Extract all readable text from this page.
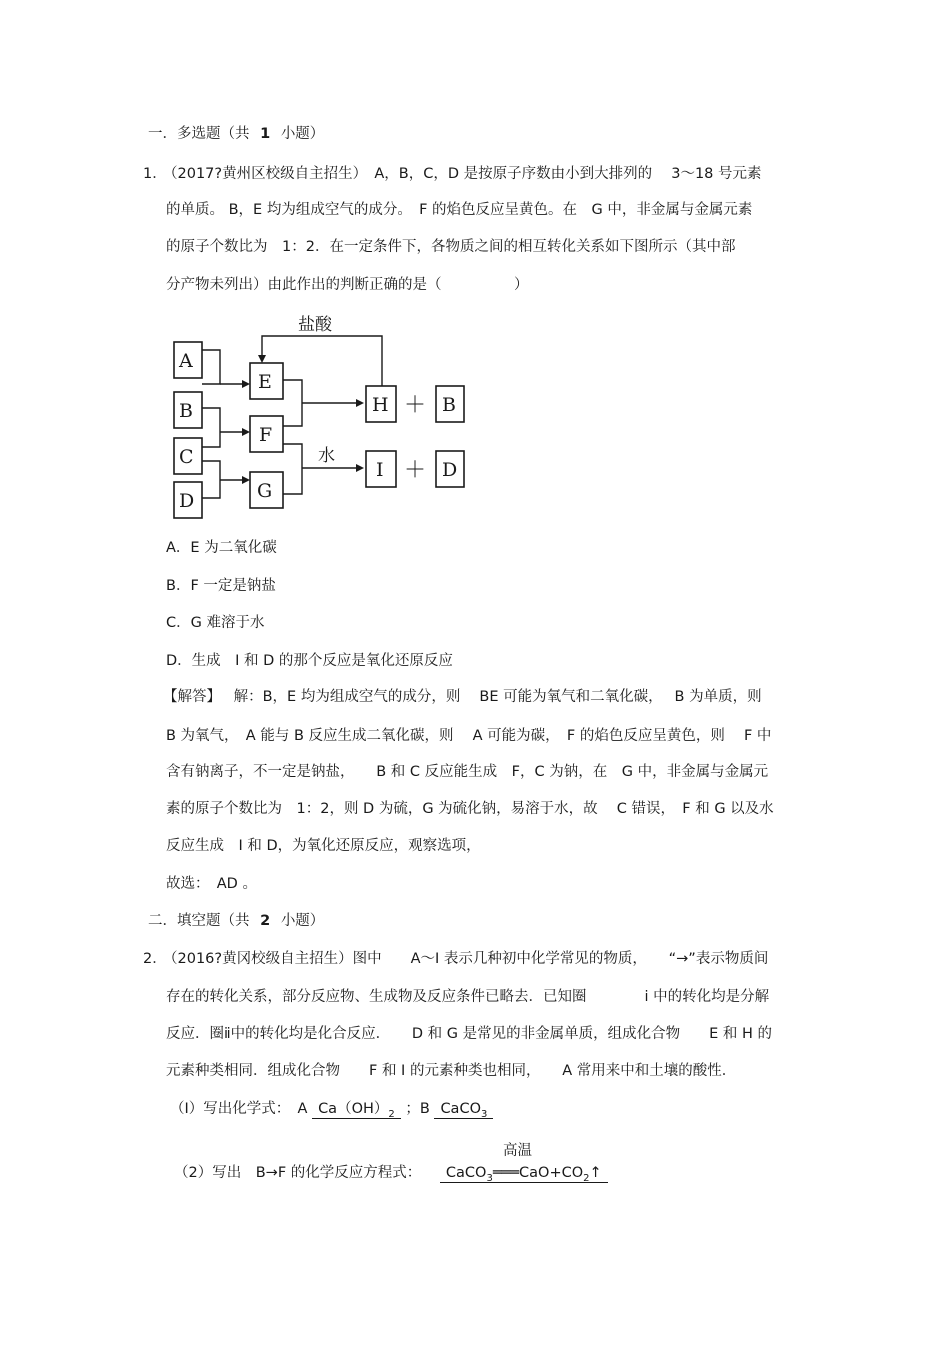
一．多选题（共 1 小题）
1．
（2017?黄州区校级自主招生）　A，B，C，D 是按原子序数由小到大排列的　 3～18 号元素
的单质。 B，E 均为组成空气的成分。　F 的焰色反应呈黄色。在　G 中，非金属与金属元素
的原子个数比为　1：2．在一定条件下，各物质之间的相互转化关系如下图所示（其中部
分产物未列出）由此作出的判断正确的是（　　　　　）
盐酸
水
A
B
C
D
E
F
G
H	B
I	D
＋
＋
A．E 为二氧化碳
B．F 一定是钠盐
C．G 难溶于水
D．生成　I 和 D 的那个反应是氧化还原反应
【解答】 解：B，E 均为组成空气的成分，则　 BE 可能为氧气和二氧化碳，　 B 为单质，则
B 为氧气，　A 能与 B 反应生成二氧化碳，则　 A 可能为碳，　F 的焰色反应呈黄色，则　 F 中
含有钠离子，不一定是钠盐，　　B 和 C 反应能生成　F，C 为钠，在　G 中，非金属与金属元
素的原子个数比为　1：2，则 D 为硫，G 为硫化钠，易溶于水，故　 C 错误，　F 和 G 以及水
反应生成　I 和 D，为氧化还原反应，观察选项，
故选：　AD 。
二．填空题（共 2 小题）
2．
（2016?黄冈校级自主招生）图中　　A～I 表示几种初中化学常见的物质，　　“→”表示物质间
存在的转化关系，部分反应物、生成物及反应条件已略去．已知圈　　　　i 中的转化均是分解
反应．圈ⅱ中的转化均是化合反应．　　D 和 G 是常见的非金属单质，组成化合物　　E 和 H 的
元素种类相同．组成化合物　　F 和 I 的元素种类也相同，　　A 常用来中和土壤的酸性．
（Ⅰ）写出化学式：　A $Ca(OH)_2$ ；B CaCO$_3$
高温
（2）写出　B→F 的化学反应方程式： $CaCO_3═══CaO+CO_2↑$
